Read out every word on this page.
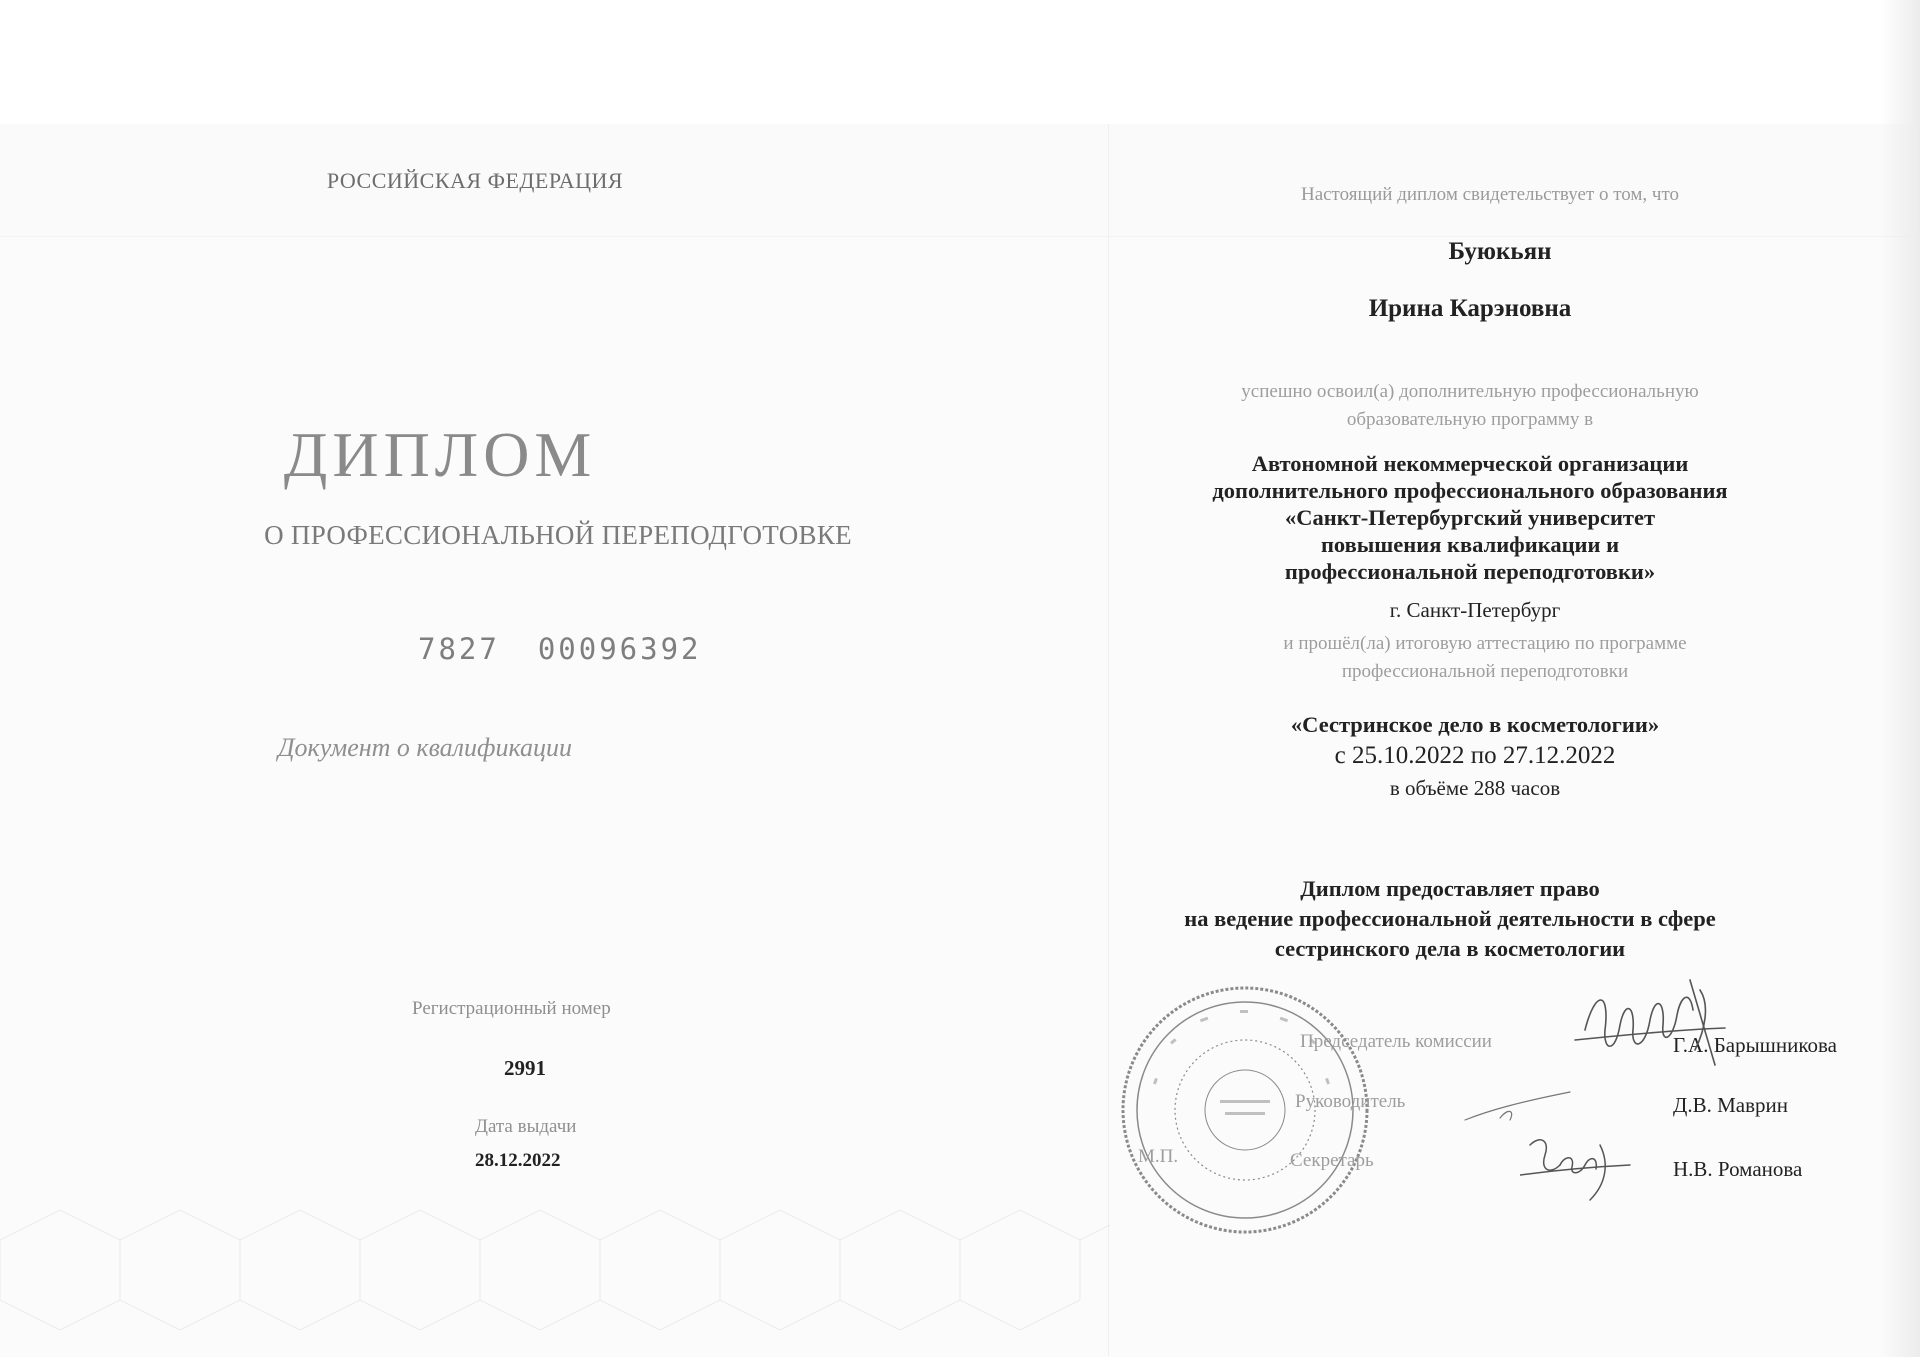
РОССИЙСКАЯ ФЕДЕРАЦИЯ
ДИПЛОМ
О ПРОФЕССИОНАЛЬНОЙ ПЕРЕПОДГОТОВКЕ
7827 00096392
Документ о квалификации
Регистрационный номер
2991
Дата выдачи
28.12.2022
Настоящий диплом свидетельствует о том, что
Буюкьян
Ирина Карэновна
успешно освоил(а) дополнительную профессиональную
образовательную программу в
Автономной некоммерческой организации
дополнительного профессионального образования
«Санкт-Петербургский университет
повышения квалификации и
профессиональной переподготовки»
г. Санкт-Петербург
и прошёл(ла) итоговую аттестацию по программе
профессиональной переподготовки
«Сестринское дело в косметологии»
с 25.10.2022 по 27.12.2022
в объёме 288 часов
Диплом предоставляет право
на ведение профессиональной деятельности в сфере
сестринского дела в косметологии
М.П.
Председатель комиссии
Руководитель
Секретарь
Г.А. Барышникова
Д.В. Маврин
Н.В. Романова
